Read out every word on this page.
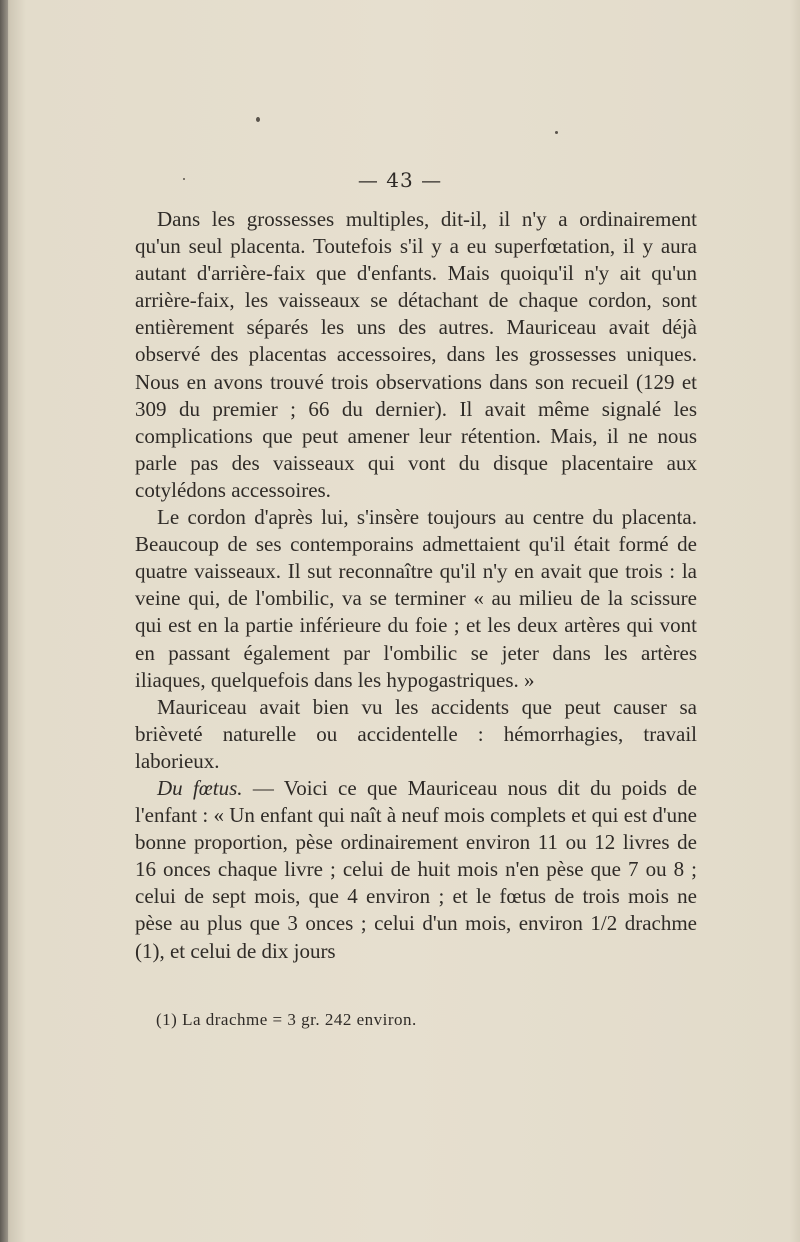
— 43 —

Dans les grossesses multiples, dit-il, il n'y a ordinairement qu'un seul placenta. Toutefois s'il y a eu superfœtation, il y aura autant d'arrière-faix que d'enfants. Mais quoiqu'il n'y ait qu'un arrière-faix, les vaisseaux se détachant de chaque cordon, sont entièrement séparés les uns des autres. Mauriceau avait déjà observé des placentas accessoires, dans les grossesses uniques. Nous en avons trouvé trois observations dans son recueil (129 et 309 du premier ; 66 du dernier). Il avait même signalé les complications que peut amener leur rétention. Mais, il ne nous parle pas des vaisseaux qui vont du disque placentaire aux cotylédons accessoires.

Le cordon d'après lui, s'insère toujours au centre du placenta. Beaucoup de ses contemporains admettaient qu'il était formé de quatre vaisseaux. Il sut reconnaître qu'il n'y en avait que trois : la veine qui, de l'ombilic, va se terminer « au milieu de la scissure qui est en la partie inférieure du foie ; et les deux artères qui vont en passant également par l'ombilic se jeter dans les artères iliaques, quelquefois dans les hypogastriques. »

Mauriceau avait bien vu les accidents que peut causer sa brièveté naturelle ou accidentelle : hémorrhagies, travail laborieux.

Du fœtus. — Voici ce que Mauriceau nous dit du poids de l'enfant : « Un enfant qui naît à neuf mois complets et qui est d'une bonne proportion, pèse ordinairement environ 11 ou 12 livres de 16 onces chaque livre ; celui de huit mois n'en pèse que 7 ou 8 ; celui de sept mois, que 4 environ ; et le fœtus de trois mois ne pèse au plus que 3 onces ; celui d'un mois, environ 1/2 drachme (1), et celui de dix jours

(1) La drachme = 3 gr. 242 environ.
